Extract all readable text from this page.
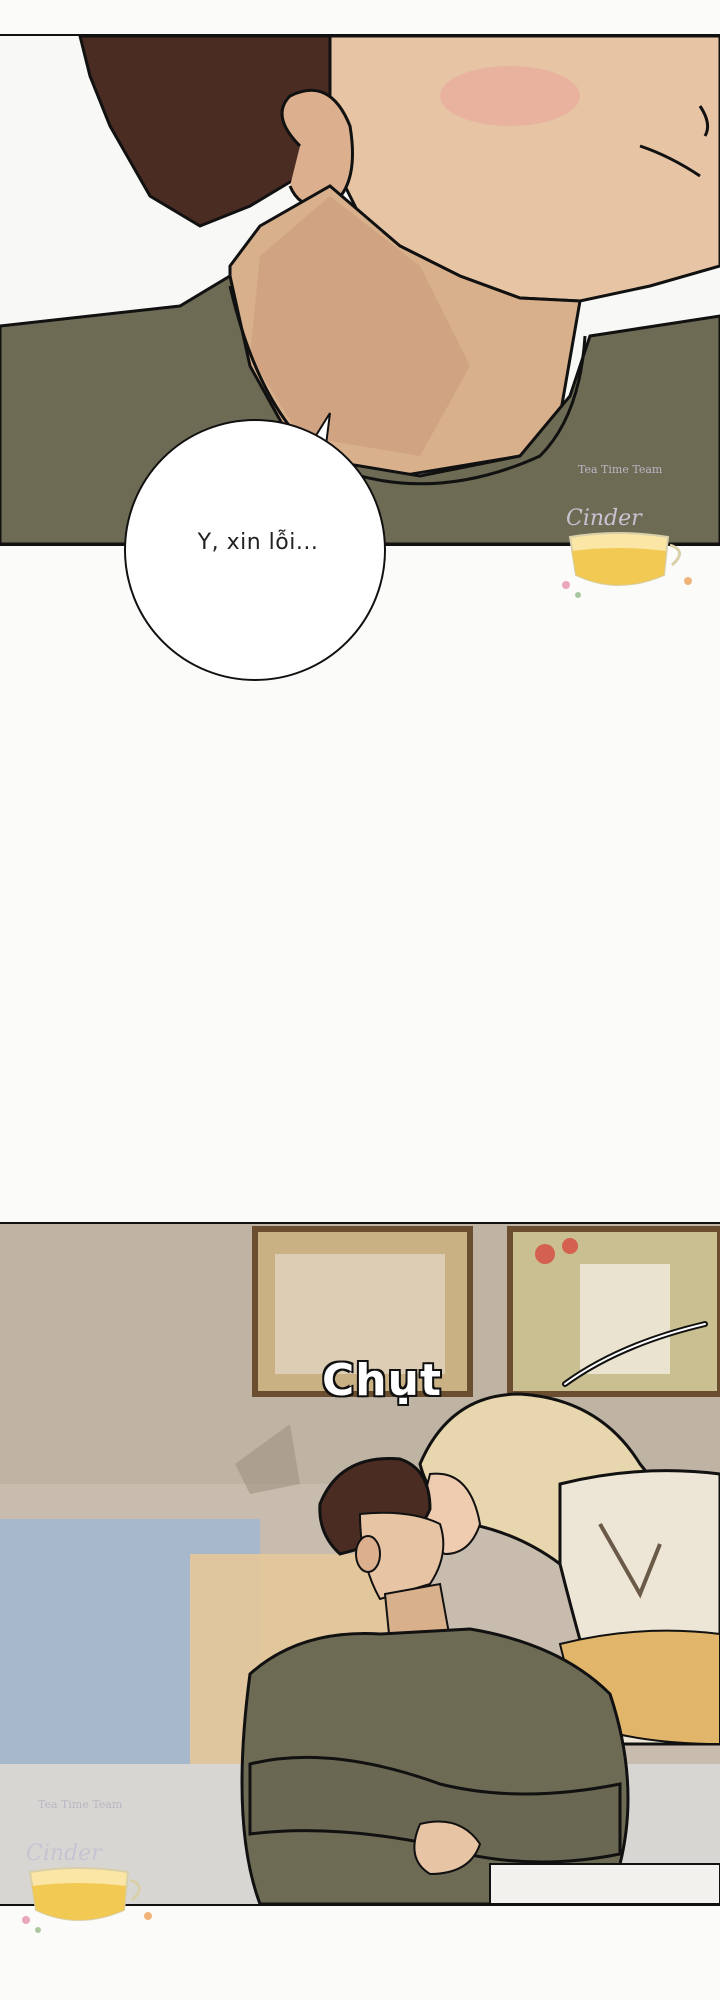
Y, xin lỗi...
Tea Time Team
Cinder
Chụt
Tea Time Team
Cinder
